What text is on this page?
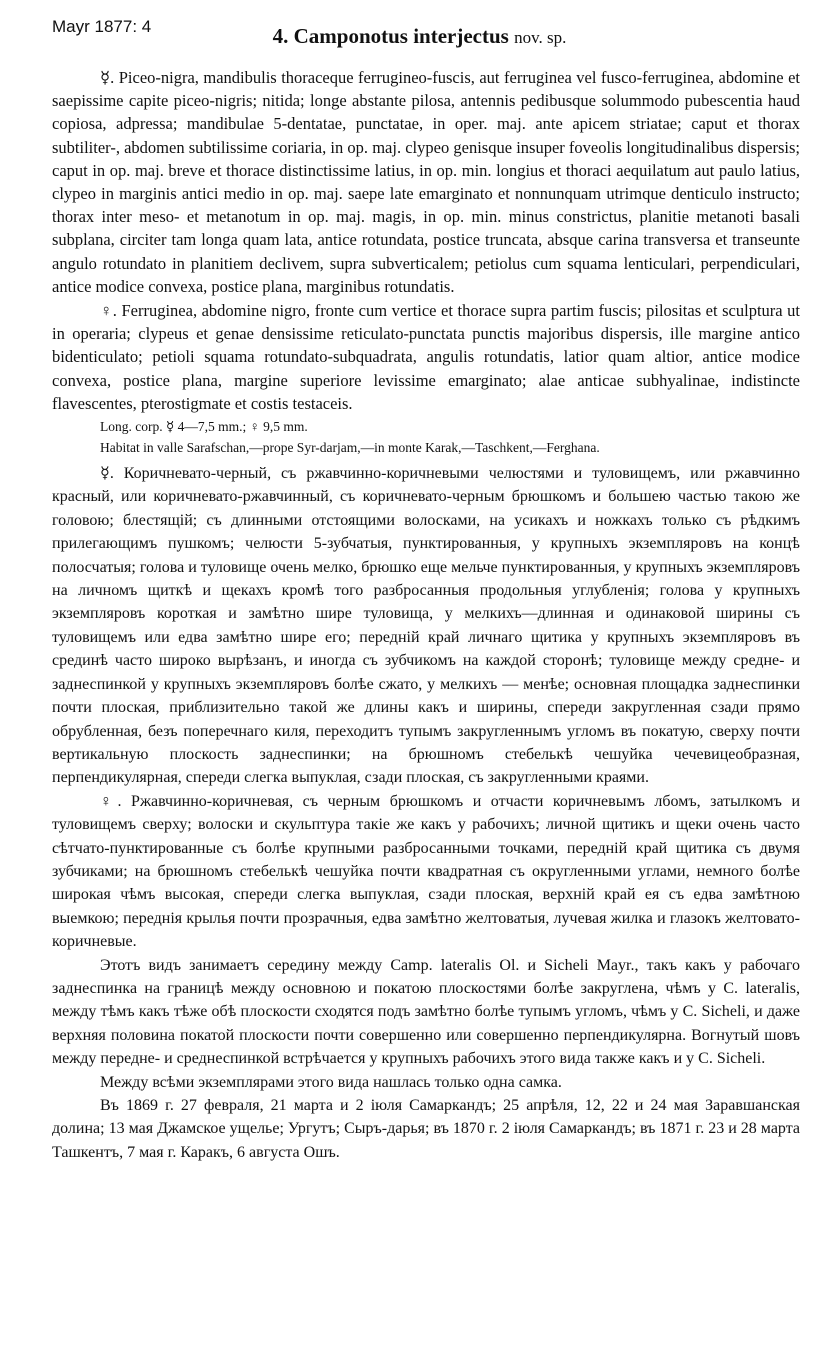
Mayr 1877: 4	4. Camponotus interjectus nov. sp.

☿. Piceo-nigra, mandibulis thoraceque ferrugineo-fuscis, aut ferruginea vel fusco-ferruginea, abdomine et saepissime capite piceo-nigris; nitida; longe abstante pilosa, antennis pedibusque solummodo pubescentia haud copiosa, adpressa; mandibulae 5-dentatae, punctatae, in oper. maj. ante apicem striatae; caput et thorax subtiliter-, abdomen subtilissime coriaria, in op. maj. clypeo genisque insuper foveolis longitudinalibus dispersis; caput in op. maj. breve et thorace distinctissime latius, in op. min. longius et thoraci aequilatum aut paulo latius, clypeo in marginis antici medio in op. maj. saepe late emarginato et nonnunquam utrimque denticulo instructo; thorax inter meso- et metanotum in op. maj. magis, in op. min. minus constrictus, planitie metanoti basali subplana, circiter tam longa quam lata, antice rotundata, postice truncata, absque carina transversa et transeunte angulo rotundato in planitiem declivem, supra subverticalem; petiolus cum squama lenticulari, perpendiculari, antice modice convexa, postice plana, marginibus rotundatis.

♀. Ferruginea, abdomine nigro, fronte cum vertice et thorace supra partim fuscis; pilositas et sculptura ut in operaria; clypeus et genae densissime reticulato-punctata punctis majoribus dispersis, ille margine antico bidenticulato; petioli squama rotundato-subquadrata, angulis rotundatis, latior quam altior, antice modice convexa, postice plana, margine superiore levissime emarginato; alae anticae subhyalinae, indistincte flavescentes, pterostigmate et costis testaceis.

Long. corp. ☿ 4—7,5 mm.; ♀ 9,5 mm.

Habitat in valle Sarafschan,—prope Syr-darjam,—in monte Karak,—Taschkent,—Ferghana.

☿. Коричневато-черный, съ ржавчинно-коричневыми челюстями и туловищемъ, или ржавчинно красный, или коричневато-ржавчинный, съ коричневато-черным брюшкомъ и большею частью такою же головою; блестящій; съ длинными отстоящими волосками, на усикахъ и ножкахъ только съ рѣдкимъ прилегающимъ пушкомъ; челюсти 5-зубчатыя, пунктированныя, у крупныхъ экземпляровъ на концѣ полосчатыя; голова и туловище очень мелко, брюшко еще мельче пунктированныя, у крупныхъ экземпляровъ на личномъ щиткѣ и щекахъ кромѣ того разбросанныя продольныя углубленія; голова у крупныхъ экземпляровъ короткая и замѣтно шире туловища, у мелкихъ—длинная и одинаковой ширины съ туловищемъ или едва замѣтно шире его; передній край личнаго щитика у крупныхъ экземпляровъ въ срединѣ часто широко вырѣзанъ, и иногда съ зубчикомъ на каждой сторонѣ; туловище между средне- и заднеспинкой у крупныхъ экземпляровъ болѣе сжато, у мелкихъ — менѣе; основная площадка заднеспинки почти плоская, приблизительно такой же длины какъ и ширины, спереди закругленная сзади прямо обрубленная, безъ поперечнаго киля, переходитъ тупымъ закругленнымъ угломъ въ покатую, сверху почти вертикальную плоскость заднеспинки; на брюшномъ стебелькѣ чешуйка чечевицеобразная, перпендикулярная, спереди слегка выпуклая, сзади плоская, съ закругленными краями.

♀. Ржавчинно-коричневая, съ черным брюшкомъ и отчасти коричневымъ лбомъ, затылкомъ и туловищемъ сверху; волоски и скульптура такіе же какъ у рабочихъ; личной щитикъ и щеки очень часто сѣтчато-пунктированные съ болѣе крупными разбросанными точками, передній край щитика съ двумя зубчиками; на брюшномъ стебелькѣ чешуйка почти квадратная съ округленными углами, немного болѣе широкая чѣмъ высокая, спереди слегка выпуклая, сзади плоская, верхній край ея съ едва замѣтною выемкою; переднія крылья почти прозрачныя, едва замѣтно желтоватыя, лучевая жилка и глазокъ желтовато-коричневые.

Этотъ видъ занимаетъ середину между Camp. lateralis Ol. и Sicheli Mayr., такъ какъ у рабочаго заднеспинка на границѣ между основною и покатою плоскостями болѣе закруглена, чѣмъ у C. lateralis, между тѣмъ какъ тѣже обѣ плоскости сходятся подъ замѣтно болѣе тупымъ угломъ, чѣмъ у C. Sicheli, и даже верхняя половина покатой плоскости почти совершенно или совершенно перпендикулярна. Вогнутый шовъ между передне- и среднеспинкой встрѣчается у крупныхъ рабочихъ этого вида также какъ и у C. Sicheli.

Между всѣми экземплярами этого вида нашлась только одна самка.

Въ 1869 г. 27 февраля, 21 марта и 2 іюля Самаркандъ; 25 апрѣля, 12, 22 и 24 мая Заравшанская долина; 13 мая Джамское ущелье; Ургутъ; Сыръ-дарья; въ 1870 г. 2 іюля Самаркандъ; въ 1871 г. 23 и 28 марта Ташкентъ, 7 мая г. Каракъ, 6 августа Ошъ.
